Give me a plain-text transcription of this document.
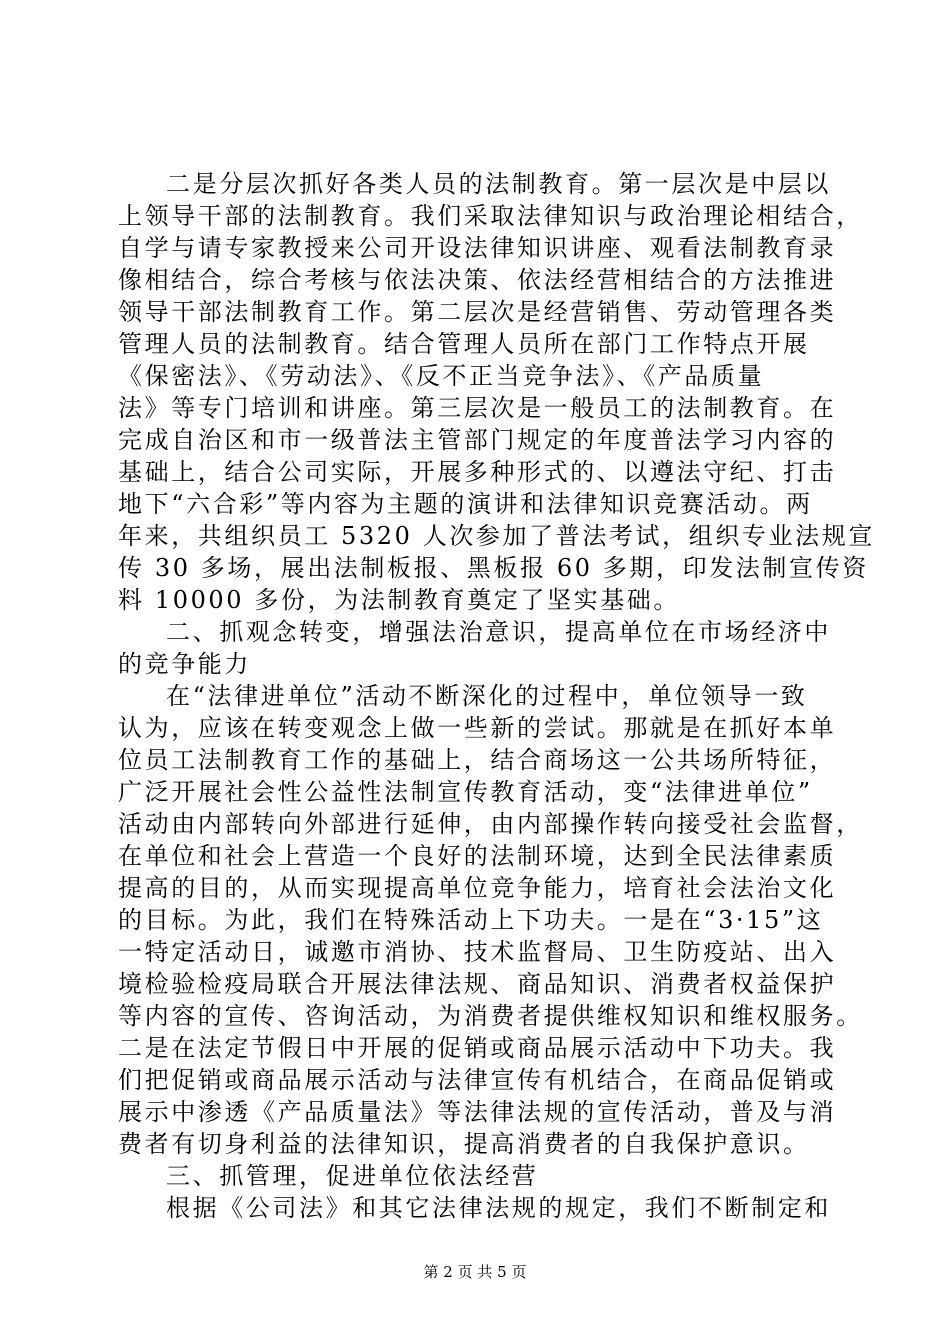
二是分层次抓好各类人员的法制教育。第一层次是中层以
上领导干部的法制教育。我们采取法律知识与政治理论相结合，
自学与请专家教授来公司开设法律知识讲座、观看法制教育录
像相结合，综合考核与依法决策、依法经营相结合的方法推进
领导干部法制教育工作。第二层次是经营销售、劳动管理各类
管理人员的法制教育。结合管理人员所在部门工作特点开展
《保密法》、《劳动法》、《反不正当竞争法》、《产品质量
法》等专门培训和讲座。第三层次是一般员工的法制教育。在
完成自治区和市一级普法主管部门规定的年度普法学习内容的
基础上，结合公司实际，开展多种形式的、以遵法守纪、打击
地下“六合彩”等内容为主题的演讲和法律知识竞赛活动。两
年来，共组织员工 5320 人次参加了普法考试，组织专业法规宣
传 30 多场，展出法制板报、黑板报 60 多期，印发法制宣传资
料 10000 多份，为法制教育奠定了坚实基础。
二、抓观念转变，增强法治意识，提高单位在市场经济中
的竞争能力
在“法律进单位”活动不断深化的过程中，单位领导一致
认为，应该在转变观念上做一些新的尝试。那就是在抓好本单
位员工法制教育工作的基础上，结合商场这一公共场所特征，
广泛开展社会性公益性法制宣传教育活动，变“法律进单位”
活动由内部转向外部进行延伸，由内部操作转向接受社会监督，
在单位和社会上营造一个良好的法制环境，达到全民法律素质
提高的目的，从而实现提高单位竞争能力，培育社会法治文化
的目标。为此，我们在特殊活动上下功夫。一是在“3·15”这
一特定活动日，诚邀市消协、技术监督局、卫生防疫站、出入
境检验检疫局联合开展法律法规、商品知识、消费者权益保护
等内容的宣传、咨询活动，为消费者提供维权知识和维权服务。
二是在法定节假日中开展的促销或商品展示活动中下功夫。我
们把促销或商品展示活动与法律宣传有机结合，在商品促销或
展示中渗透《产品质量法》等法律法规的宣传活动，普及与消
费者有切身利益的法律知识，提高消费者的自我保护意识。
三、抓管理，促进单位依法经营
第 2 页 共 5 页
根据《公司法》和其它法律法规的规定，我们不断制定和
